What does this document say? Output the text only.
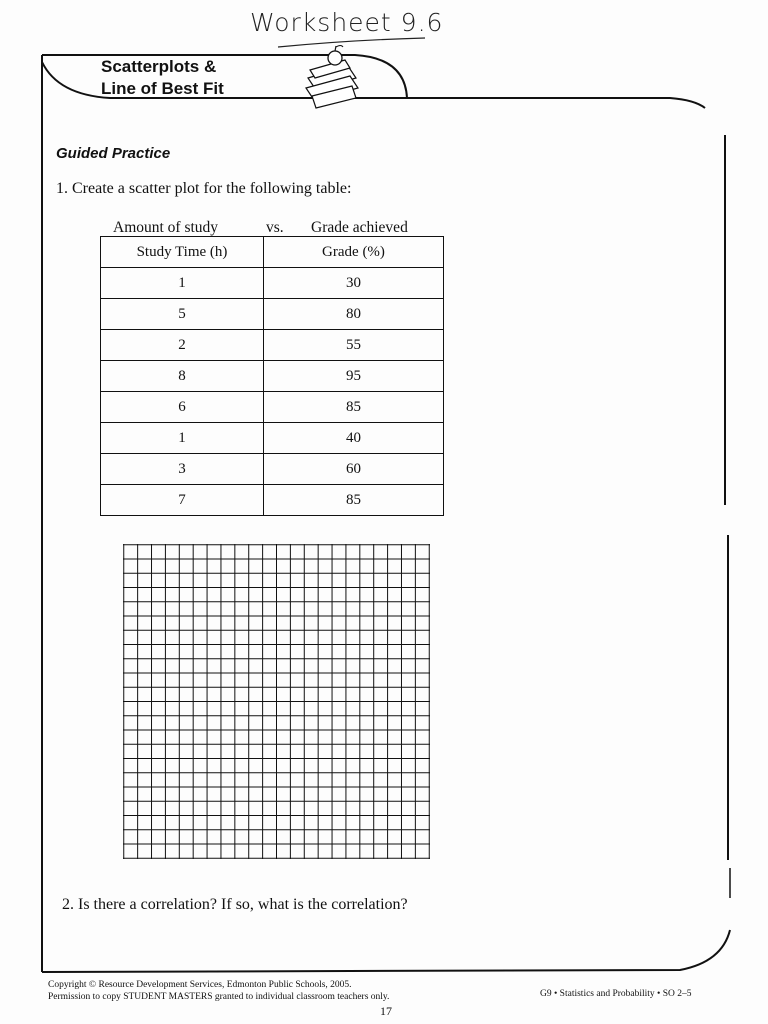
Worksheet 9.6
Scatterplots &
Line of Best Fit
Guided Practice
1. Create a scatter plot for the following table:
Amount of study	vs. Grade achieved
Study Time (h)	Grade (%)
1	30
5	80
2	55
8	95
6	85
1	40
3	60
7	85
2. Is there a correlation? If so, what is the correlation?
Copyright © Resource Development Services, Edmonton Public Schools, 2005.
Permission to copy STUDENT MASTERS granted to individual classroom teachers only.	G9 • Statistics and Probability • SO 2–5
17
